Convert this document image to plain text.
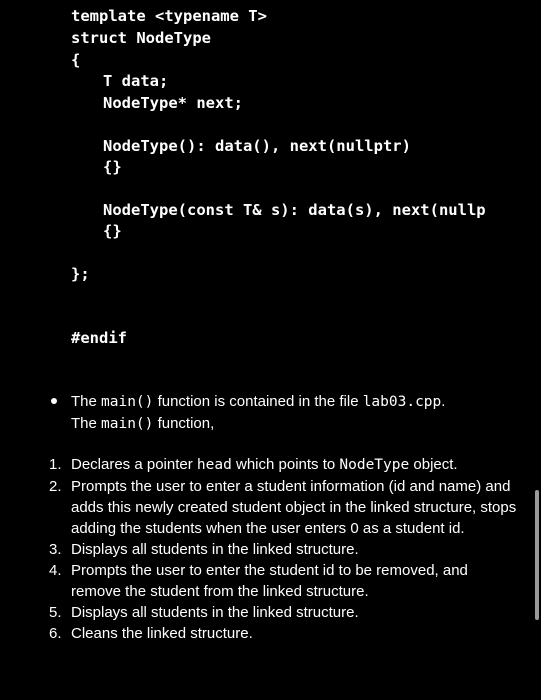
template <typename T>

struct NodeType

{

T data;

NodeType* next;

NodeType(): data(), next(nullptr)

{}

NodeType(const T& s): data(s), next(nullp

{}

};

#endif

The main() function is contained in the file lab03.cpp.
The main() function,
1. Declares a pointer head which points to NodeType object.
2. Prompts the user to enter a student information (id and name) and adds this newly created student object in the linked structure, stops adding the students when the user enters 0 as a student id.
3. Displays all students in the linked structure.
4. Prompts the user to enter the student id to be removed, and remove the student from the linked structure.
5. Displays all students in the linked structure.
6. Cleans the linked structure.
